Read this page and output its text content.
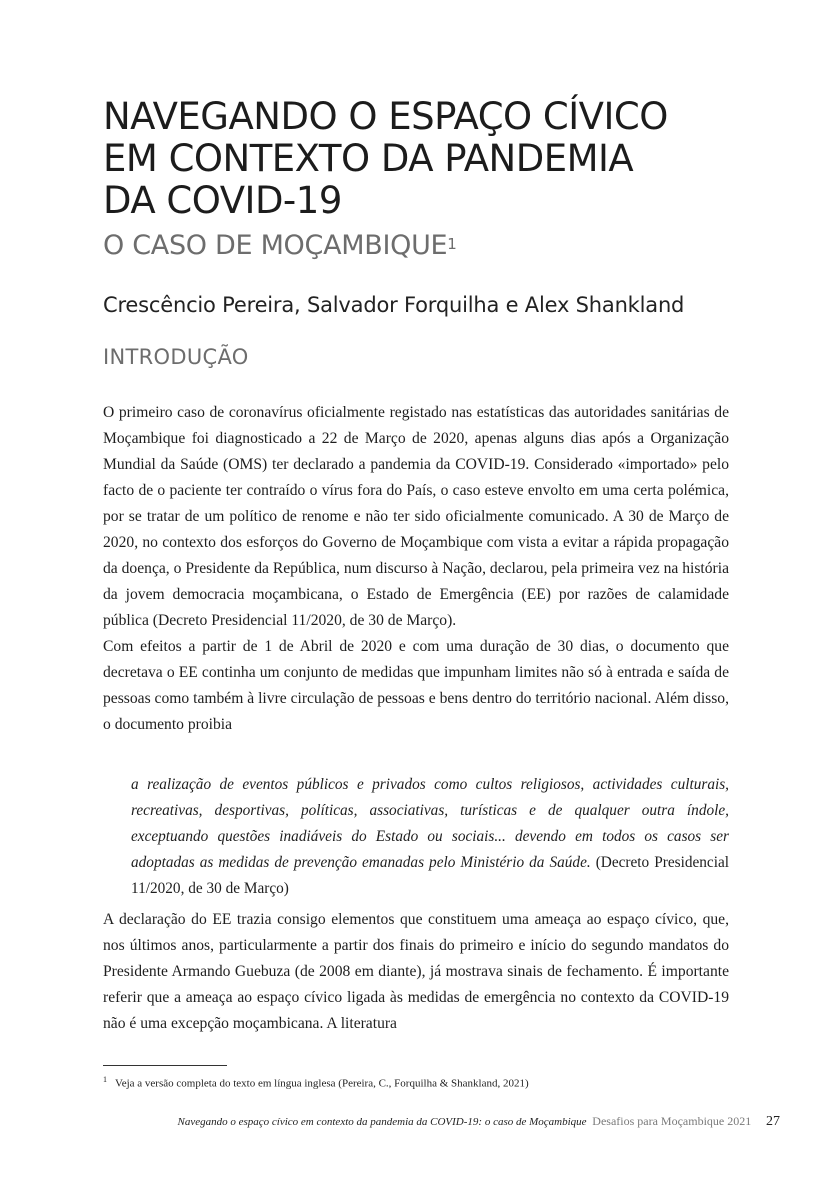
NAVEGANDO O ESPAÇO CÍVICO
EM CONTEXTO DA PANDEMIA
DA COVID-19
O CASO DE MOÇAMBIQUE$^1$
Crescêncio Pereira, Salvador Forquilha e Alex Shankland
INTRODUÇÃO

O primeiro caso de coronavírus oficialmente registado nas estatísticas das autoridades sanitárias de Moçambique foi diagnosticado a 22 de Março de 2020, apenas alguns dias após a Organização Mundial da Saúde (OMS) ter declarado a pandemia da COVID-19. Considerado «importado» pelo facto de o paciente ter contraído o vírus fora do País, o caso esteve envolto em uma certa polémica, por se tratar de um político de renome e não ter sido oficialmente comunicado. A 30 de Março de 2020, no contexto dos esforços do Governo de Moçambique com vista a evitar a rápida propagação da doença, o Presidente da República, num discurso à Nação, declarou, pela primeira vez na história da jovem democracia moçambicana, o Estado de Emergência (EE) por razões de calamidade pública (Decreto Presidencial 11/2020, de 30 de Março).

Com efeitos a partir de 1 de Abril de 2020 e com uma duração de 30 dias, o documento que decretava o EE continha um conjunto de medidas que impunham limites não só à entrada e saída de pessoas como também à livre circulação de pessoas e bens dentro do território nacional. Além disso, o documento proibia

a realização de eventos públicos e privados como cultos religiosos, actividades culturais, recreativas, desportivas, políticas, associativas, turísticas e de qualquer outra índole, exceptuando questões inadiáveis do Estado ou sociais... devendo em todos os casos ser adoptadas as medidas de prevenção emanadas pelo Ministério da Saúde. (Decreto Presidencial 11/2020, de 30 de Março)

A declaração do EE trazia consigo elementos que constituem uma ameaça ao espaço cívico, que, nos últimos anos, particularmente a partir dos finais do primeiro e início do segundo mandatos do Presidente Armando Guebuza (de 2008 em diante), já mostrava sinais de fechamento. É importante referir que a ameaça ao espaço cívico ligada às medidas de emergência no contexto da COVID-19 não é uma excepção moçambicana. A literatura

$^1$ Veja a versão completa do texto em língua inglesa (Pereira, C., Forquilha & Shankland, 2021)
Navegando o espaço cívico em contexto da pandemia da COVID-19: o caso de Moçambique Desafios para Moçambique 2021 27
